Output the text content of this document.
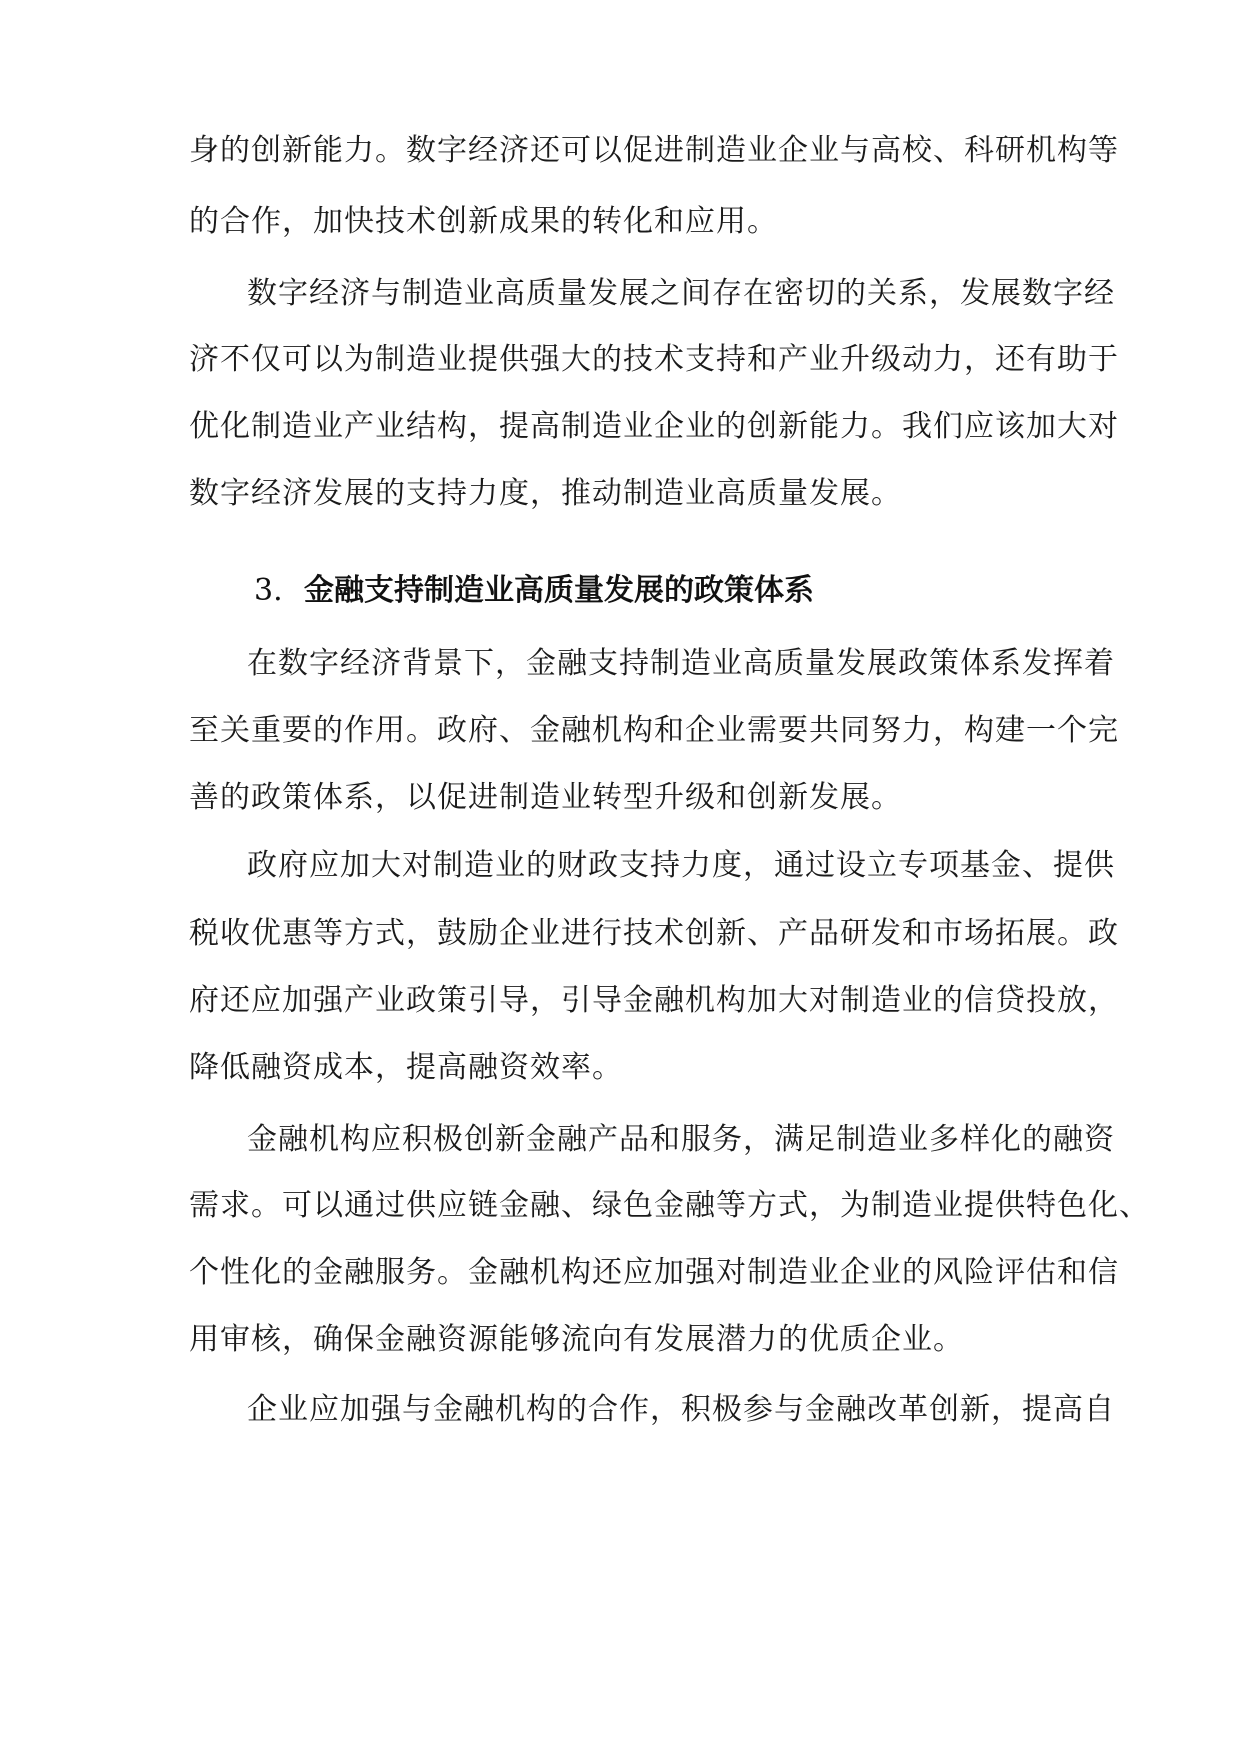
身的创新能力。数字经济还可以促进制造业企业与高校、科研机构等
的合作，加快技术创新成果的转化和应用。
数字经济与制造业高质量发展之间存在密切的关系，发展数字经
济不仅可以为制造业提供强大的技术支持和产业升级动力，还有助于
优化制造业产业结构，提高制造业企业的创新能力。我们应该加大对
数字经济发展的支持力度，推动制造业高质量发展。
3. 金融支持制造业高质量发展的政策体系
在数字经济背景下，金融支持制造业高质量发展政策体系发挥着
至关重要的作用。政府、金融机构和企业需要共同努力，构建一个完
善的政策体系，以促进制造业转型升级和创新发展。
政府应加大对制造业的财政支持力度，通过设立专项基金、提供
税收优惠等方式，鼓励企业进行技术创新、产品研发和市场拓展。政
府还应加强产业政策引导，引导金融机构加大对制造业的信贷投放，
降低融资成本，提高融资效率。
金融机构应积极创新金融产品和服务，满足制造业多样化的融资
需求。可以通过供应链金融、绿色金融等方式，为制造业提供特色化、
个性化的金融服务。金融机构还应加强对制造业企业的风险评估和信
用审核，确保金融资源能够流向有发展潜力的优质企业。
企业应加强与金融机构的合作，积极参与金融改革创新，提高自
